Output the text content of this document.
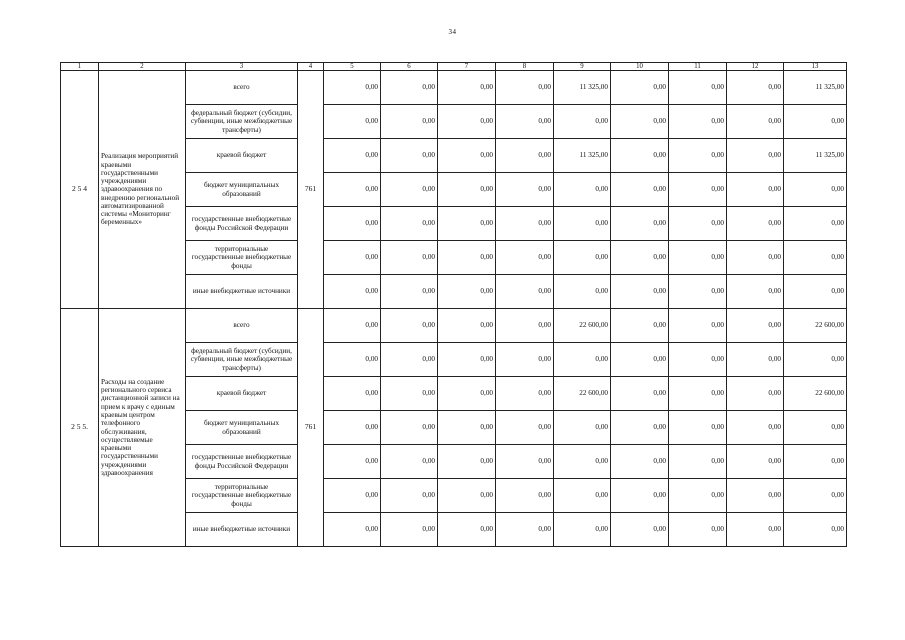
34
1	2	3	4	5	6	7	8	9	10	11	12	13
2 5 4	Реализация мероприятий краевыми государственными учреждениями здравоохранения по внедрению региональной автоматизированной системы «Мониторинг беременных»	всего	761	0,00	0,00	0,00	0,00	11 325,00	0,00	0,00	0,00	11 325,00
		федеральный бюджет (субсидии, субвенции, иные межбюджетные трансферты)		0,00	0,00	0,00	0,00	0,00	0,00	0,00	0,00	0,00
		краевой бюджет		0,00	0,00	0,00	0,00	11 325,00	0,00	0,00	0,00	11 325,00
		бюджет муниципальных образований		0,00	0,00	0,00	0,00	0,00	0,00	0,00	0,00	0,00
		государственные внебюджетные фонды Российской Федерации		0,00	0,00	0,00	0,00	0,00	0,00	0,00	0,00	0,00
		территориальные государственные внебюджетные фонды		0,00	0,00	0,00	0,00	0,00	0,00	0,00	0,00	0,00
		иные внебюджетные источники		0,00	0,00	0,00	0,00	0,00	0,00	0,00	0,00	0,00
2 5 5.	Расходы на создание регионального сервиса дистанционной записи на прием к врачу с единым краевым центром телефонного обслуживания, осуществляемые краевыми государственными учреждениями здравоохранения	всего	761	0,00	0,00	0,00	0,00	22 600,00	0,00	0,00	0,00	22 600,00
		федеральный бюджет (субсидии, субвенции, иные межбюджетные трансферты)		0,00	0,00	0,00	0,00	0,00	0,00	0,00	0,00	0,00
		краевой бюджет		0,00	0,00	0,00	0,00	22 600,00	0,00	0,00	0,00	22 600,00
		бюджет муниципальных образований		0,00	0,00	0,00	0,00	0,00	0,00	0,00	0,00	0,00
		государственные внебюджетные фонды Российской Федерации		0,00	0,00	0,00	0,00	0,00	0,00	0,00	0,00	0,00
		территориальные государственные внебюджетные фонды		0,00	0,00	0,00	0,00	0,00	0,00	0,00	0,00	0,00
		иные внебюджетные источники		0,00	0,00	0,00	0,00	0,00	0,00	0,00	0,00	0,00
